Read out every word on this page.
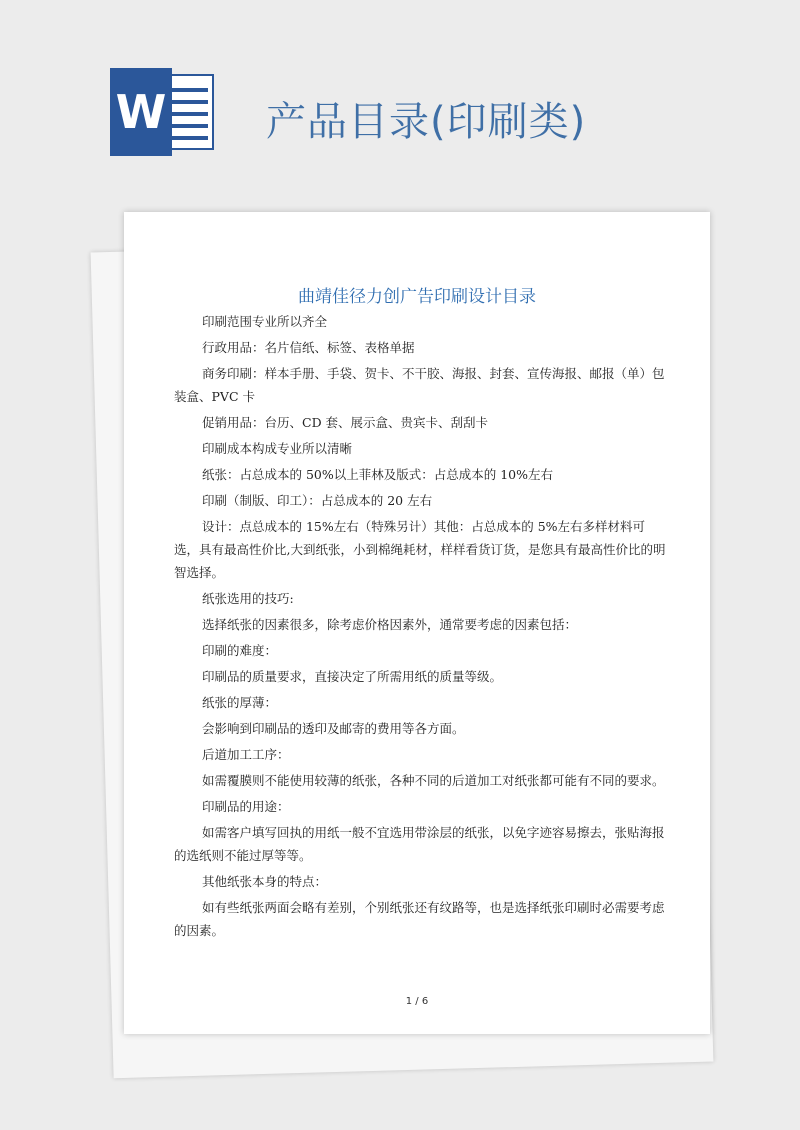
W 产品目录(印刷类)
曲靖佳径力创广告印刷设计目录

印刷范围专业所以齐全

行政用品：名片信纸、标签、表格单据

商务印刷：样本手册、手袋、贺卡、不干胶、海报、封套、宣传海报、邮报（单）包装盒、PVC 卡

促销用品：台历、CD 套、展示盒、贵宾卡、刮刮卡

印刷成本构成专业所以清晰

纸张：占总成本的 50%以上菲林及版式：占总成本的 10%左右

印刷（制版、印工）：占总成本的 20 左右

设计：点总成本的 15%左右（特殊另计）其他：占总成本的 5%左右多样材料可选，具有最高性价比,大到纸张，小到棉绳耗材，样样看货订货，是您具有最高性价比的明智选择。

纸张选用的技巧:

选择纸张的因素很多，除考虑价格因素外，通常要考虑的因素包括：

印刷的难度：

印刷品的质量要求，直接决定了所需用纸的质量等级。

纸张的厚薄：

会影响到印刷品的透印及邮寄的费用等各方面。

后道加工工序：

如需覆膜则不能使用较薄的纸张，各种不同的后道加工对纸张都可能有不同的要求。

印刷品的用途：

如需客户填写回执的用纸一般不宜选用带涂层的纸张，以免字迹容易擦去，张贴海报的选纸则不能过厚等等。

其他纸张本身的特点：

如有些纸张两面会略有差别，个别纸张还有纹路等，也是选择纸张印刷时必需要考虑的因素。

1 / 6
